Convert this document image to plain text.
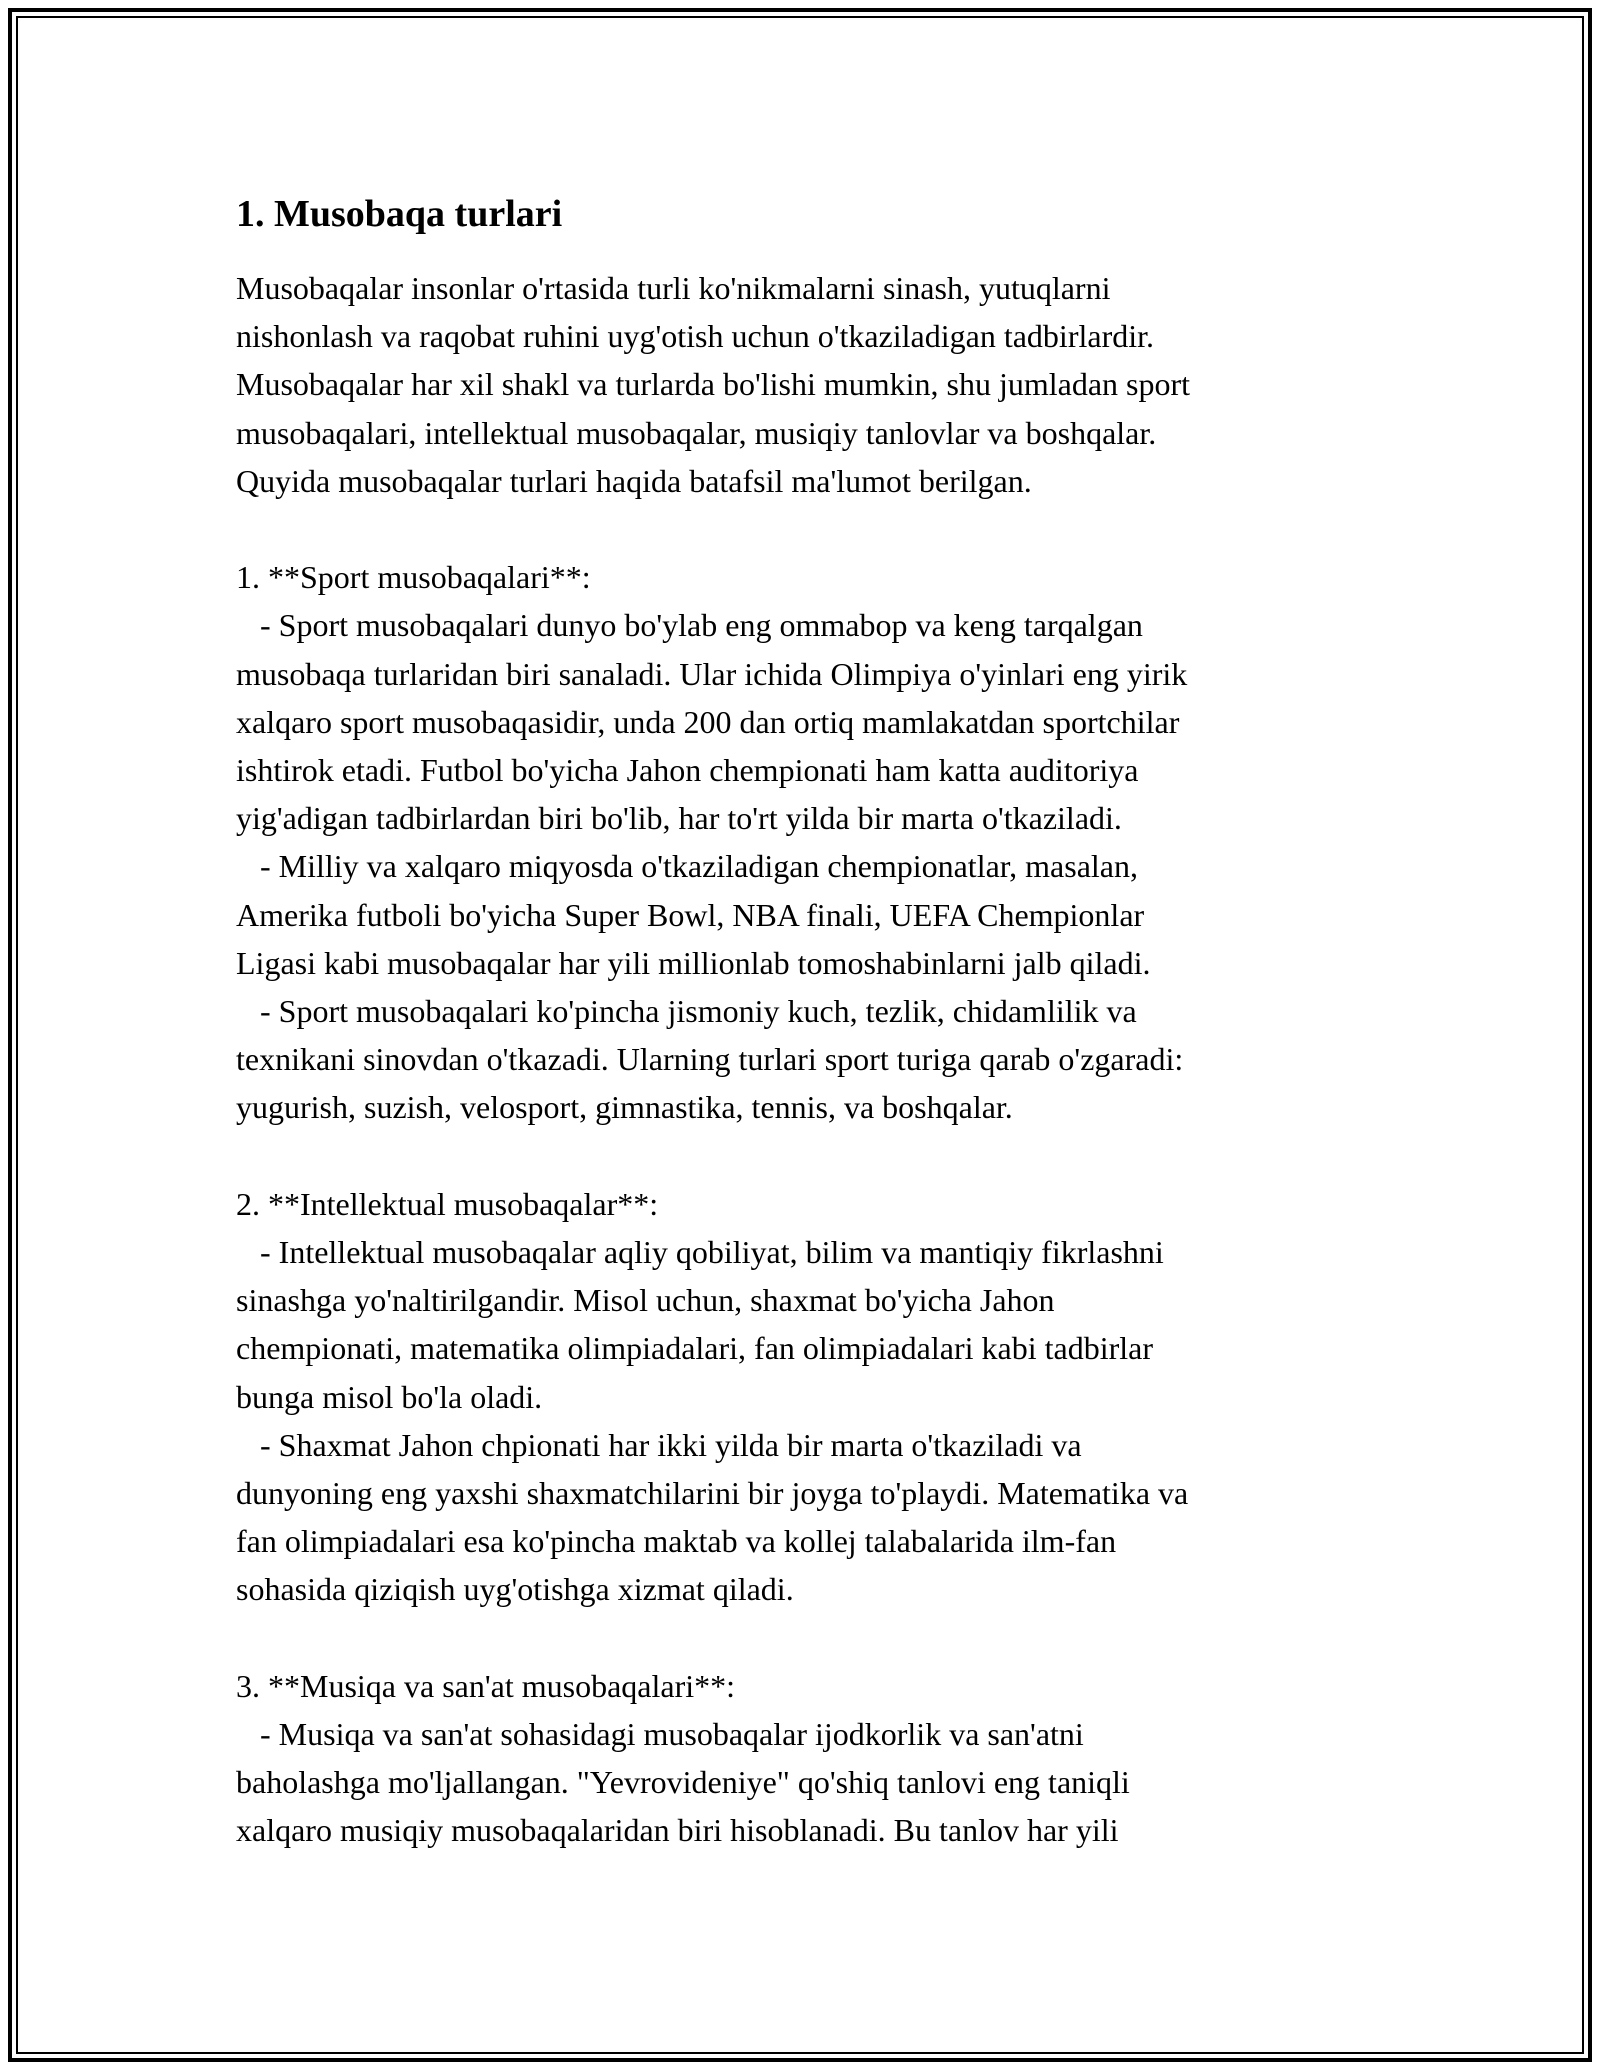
1. Musobaqa turlari

Musobaqalar insonlar o'rtasida turli ko'nikmalarni sinash, yutuqlarni
nishonlash va raqobat ruhini uyg'otish uchun o'tkaziladigan tadbirlardir.
Musobaqalar har xil shakl va turlarda bo'lishi mumkin, shu jumladan sport
musobaqalari, intellektual musobaqalar, musiqiy tanlovlar va boshqalar.
Quyida musobaqalar turlari haqida batafsil ma'lumot berilgan.

1. **Sport musobaqalari**:

- Sport musobaqalari dunyo bo'ylab eng ommabop va keng tarqalgan
musobaqa turlaridan biri sanaladi. Ular ichida Olimpiya o'yinlari eng yirik
xalqaro sport musobaqasidir, unda 200 dan ortiq mamlakatdan sportchilar
ishtirok etadi. Futbol bo'yicha Jahon chempionati ham katta auditoriya
yig'adigan tadbirlardan biri bo'lib, har to'rt yilda bir marta o'tkaziladi.

- Milliy va xalqaro miqyosda o'tkaziladigan chempionatlar, masalan,
Amerika futboli bo'yicha Super Bowl, NBA finali, UEFA Chempionlar
Ligasi kabi musobaqalar har yili millionlab tomoshabinlarni jalb qiladi.

- Sport musobaqalari ko'pincha jismoniy kuch, tezlik, chidamlilik va
texnikani sinovdan o'tkazadi. Ularning turlari sport turiga qarab o'zgaradi:
yugurish, suzish, velosport, gimnastika, tennis, va boshqalar.

2. **Intellektual musobaqalar**:

- Intellektual musobaqalar aqliy qobiliyat, bilim va mantiqiy fikrlashni
sinashga yo'naltirilgandir. Misol uchun, shaxmat bo'yicha Jahon
chempionati, matematika olimpiadalari, fan olimpiadalari kabi tadbirlar
bunga misol bo'la oladi.

- Shaxmat Jahon chpionati har ikki yilda bir marta o'tkaziladi va
dunyoning eng yaxshi shaxmatchilarini bir joyga to'playdi. Matematika va
fan olimpiadalari esa ko'pincha maktab va kollej talabalarida ilm-fan
sohasida qiziqish uyg'otishga xizmat qiladi.

3. **Musiqa va san'at musobaqalari**:

- Musiqa va san'at sohasidagi musobaqalar ijodkorlik va san'atni
baholashga mo'ljallangan. "Yevrovideniye" qo'shiq tanlovi eng taniqli
xalqaro musiqiy musobaqalaridan biri hisoblanadi. Bu tanlov har yili
